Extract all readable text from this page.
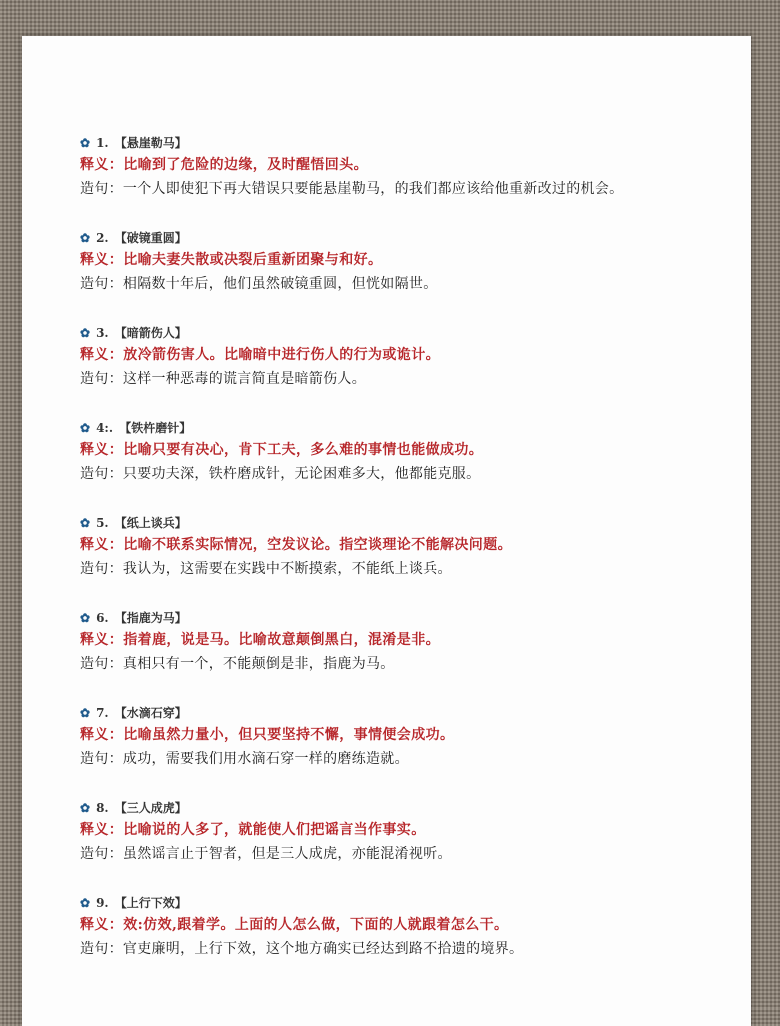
✿ 1. 【悬崖勒马】
释义：比喻到了危险的边缘，及时醒悟回头。
造句：一个人即使犯下再大错误只要能悬崖勒马，的我们都应该给他重新改过的机会。
✿ 2. 【破镜重圆】
释义：比喻夫妻失散或决裂后重新团聚与和好。
造句：相隔数十年后，他们虽然破镜重圆，但恍如隔世。
✿ 3. 【暗箭伤人】
释义：放冷箭伤害人。比喻暗中进行伤人的行为或诡计。
造句：这样一种恶毒的谎言简直是暗箭伤人。
✿ 4:. 【铁杵磨针】
释义：比喻只要有决心，肯下工夫，多么难的事情也能做成功。
造句：只要功夫深，铁杵磨成针，无论困难多大，他都能克服。
✿ 5. 【纸上谈兵】
释义：比喻不联系实际情况，空发议论。指空谈理论不能解决问题。
造句：我认为，这需要在实践中不断摸索，不能纸上谈兵。
✿ 6. 【指鹿为马】
释义：指着鹿，说是马。比喻故意颠倒黑白，混淆是非。
造句：真相只有一个，不能颠倒是非，指鹿为马。
✿ 7. 【水滴石穿】
释义：比喻虽然力量小，但只要坚持不懈，事情便会成功。
造句：成功，需要我们用水滴石穿一样的磨练造就。
✿ 8. 【三人成虎】
释义：比喻说的人多了，就能使人们把谣言当作事实。
造句：虽然谣言止于智者，但是三人成虎，亦能混淆视听。
✿ 9. 【上行下效】
释义：效:仿效,跟着学。上面的人怎么做，下面的人就跟着怎么干。
造句：官吏廉明，上行下效，这个地方确实已经达到路不拾遗的境界。
